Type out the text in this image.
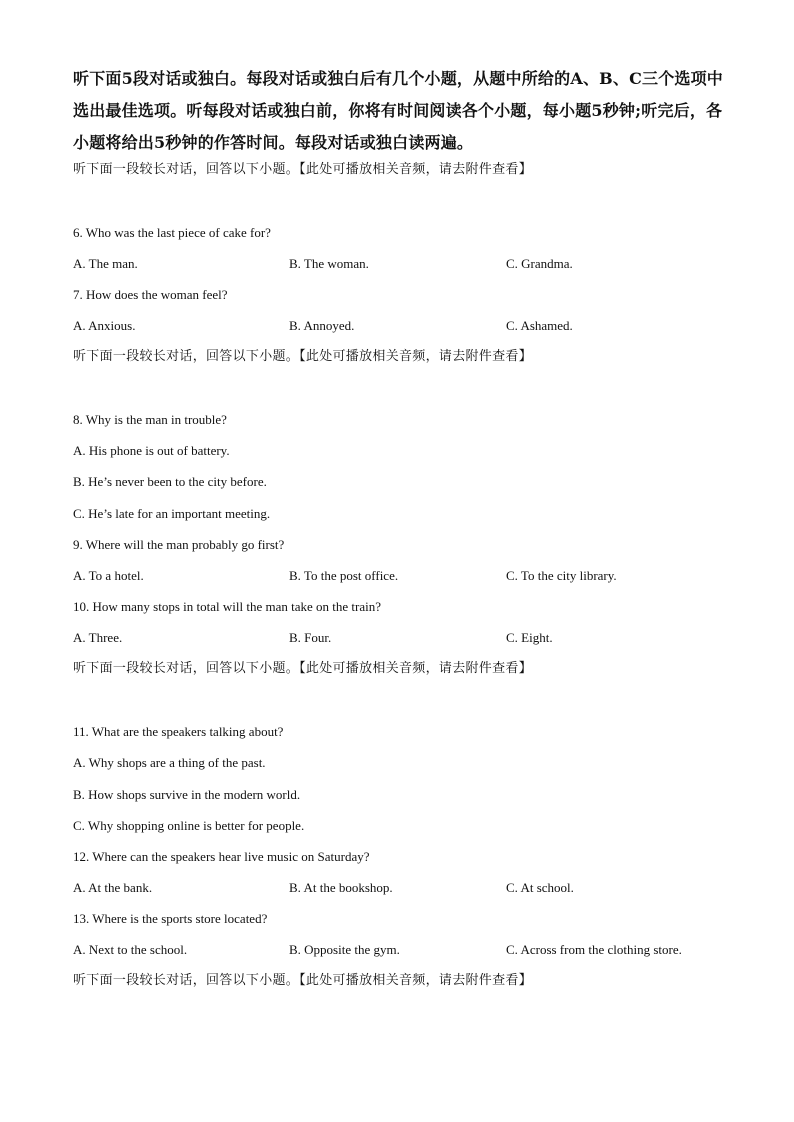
听下面5段对话或独白。每段对话或独白后有几个小题，从题中所给的A、B、C三个选项中选出最佳选项。听每段对话或独白前，你将有时间阅读各个小题，每小题5秒钟;听完后，各小题将给出5秒钟的作答时间。每段对话或独白读两遍。
听下面一段较长对话，回答以下小题。【此处可播放相关音频，请去附件查看】
6. Who was the last piece of cake for?
A. The man.	B. The woman.	C. Grandma.
7. How does the woman feel?
A. Anxious.	B. Annoyed.	C. Ashamed.
听下面一段较长对话，回答以下小题。【此处可播放相关音频，请去附件查看】
8. Why is the man in trouble?
A. His phone is out of battery.
B. He’s never been to the city before.
C. He’s late for an important meeting.
9. Where will the man probably go first?
A. To a hotel.	B. To the post office.	C. To the city library.
10. How many stops in total will the man take on the train?
A. Three.	B. Four.	C. Eight.
听下面一段较长对话，回答以下小题。【此处可播放相关音频，请去附件查看】
11. What are the speakers talking about?
A. Why shops are a thing of the past.
B. How shops survive in the modern world.
C. Why shopping online is better for people.
12. Where can the speakers hear live music on Saturday?
A. At the bank.	B. At the bookshop.	C. At school.
13. Where is the sports store located?
A. Next to the school.	B. Opposite the gym.	C. Across from the clothing store.
听下面一段较长对话，回答以下小题。【此处可播放相关音频，请去附件查看】
